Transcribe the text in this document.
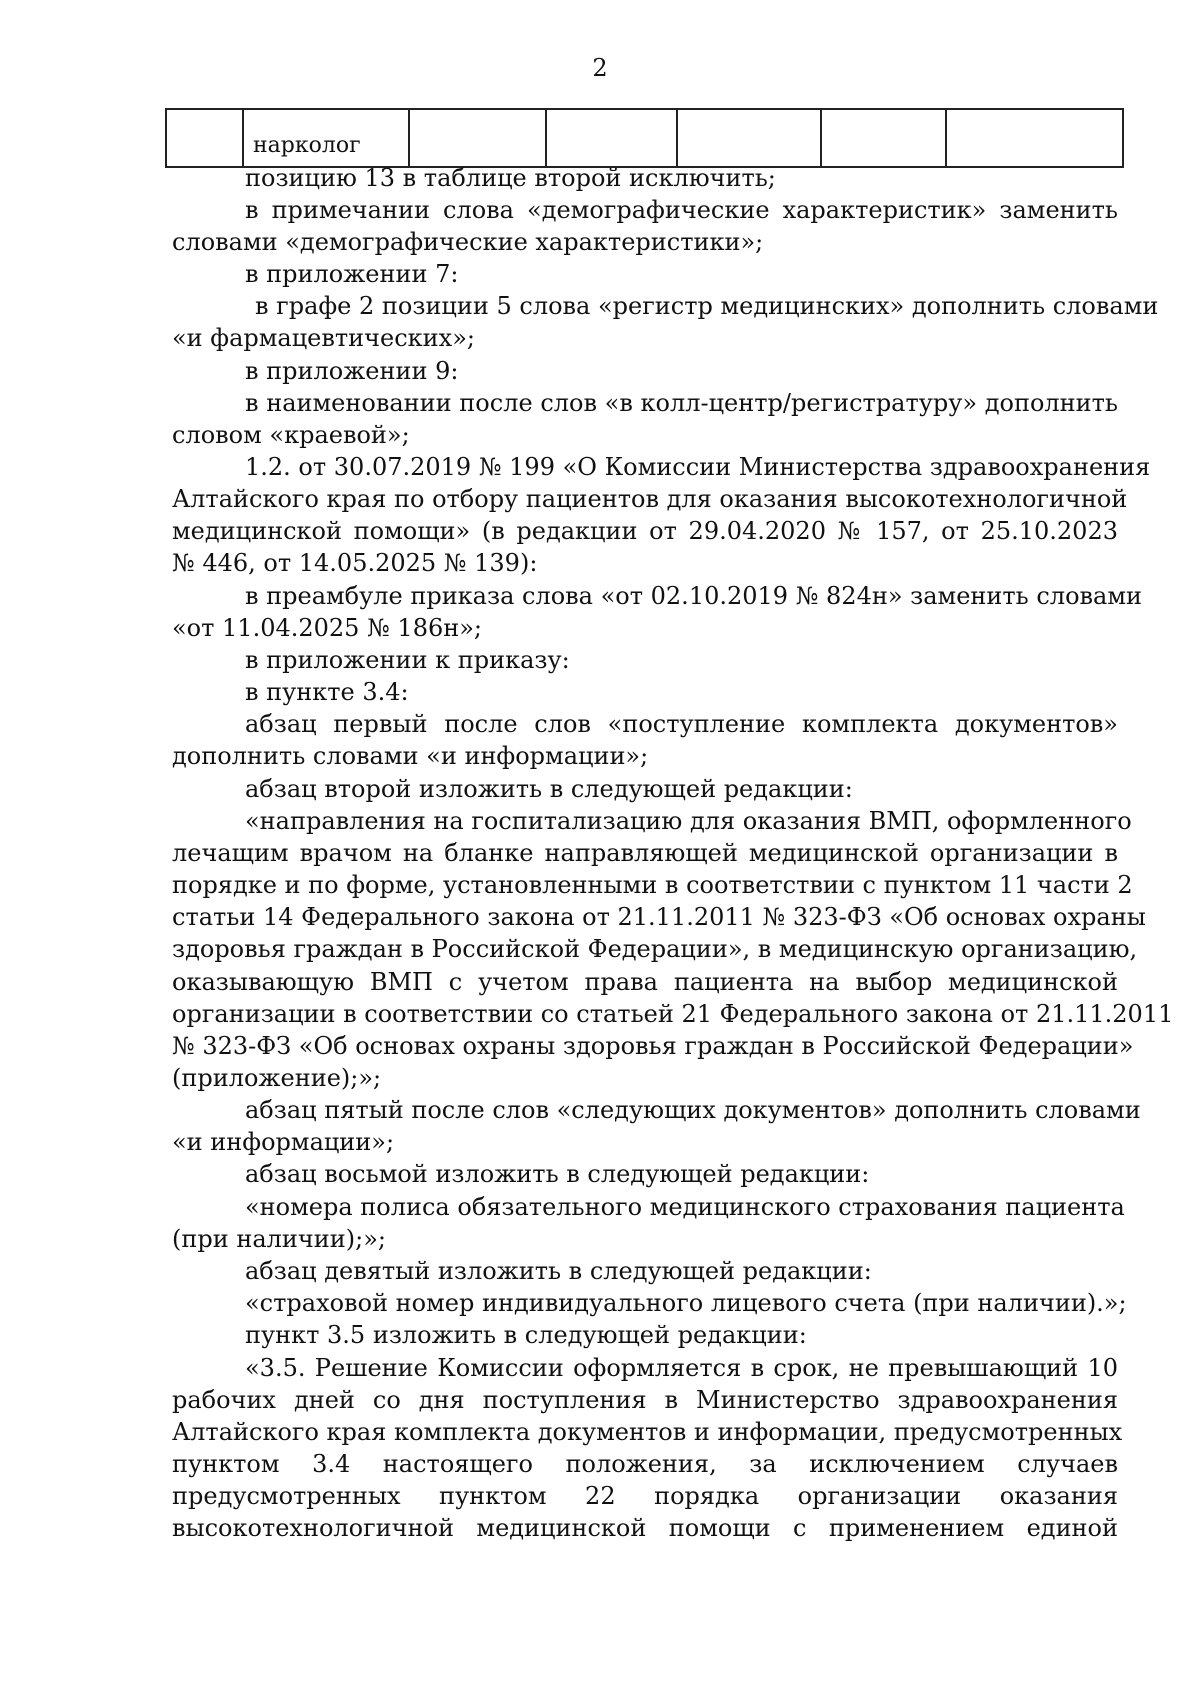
2
	нарколог					
позицию 13 в таблице второй исключить;
в примечании слова «демографические характеристик» заменить
словами «демографические характеристики»;
в приложении 7:
в графе 2 позиции 5 слова «регистр медицинских» дополнить словами
«и фармацевтических»;
в приложении 9:
в наименовании после слов «в колл-центр/регистратуру» дополнить
словом «краевой»;
1.2. от 30.07.2019 № 199 «О Комиссии Министерства здравоохранения
Алтайского края по отбору пациентов для оказания высокотехнологичной
медицинской помощи» (в редакции от 29.04.2020 № 157, от 25.10.2023
№ 446, от 14.05.2025 № 139):
в преамбуле приказа слова «от 02.10.2019 № 824н» заменить словами
«от 11.04.2025 № 186н»;
в приложении к приказу:
в пункте 3.4:
абзац первый после слов «поступление комплекта документов»
дополнить словами «и информации»;
абзац второй изложить в следующей редакции:
«направления на госпитализацию для оказания ВМП, оформленного
лечащим врачом на бланке направляющей медицинской организации в
порядке и по форме, установленными в соответствии с пунктом 11 части 2
статьи 14 Федерального закона от 21.11.2011 № 323-ФЗ «Об основах охраны
здоровья граждан в Российской Федерации», в медицинскую организацию,
оказывающую ВМП с учетом права пациента на выбор медицинской
организации в соответствии со статьей 21 Федерального закона от 21.11.2011
№ 323-ФЗ «Об основах охраны здоровья граждан в Российской Федерации»
(приложение);»;
абзац пятый после слов «следующих документов» дополнить словами
«и информации»;
абзац восьмой изложить в следующей редакции:
«номера полиса обязательного медицинского страхования пациента
(при наличии);»;
абзац девятый изложить в следующей редакции:
«страховой номер индивидуального лицевого счета (при наличии).»;
пункт 3.5 изложить в следующей редакции:
«3.5. Решение Комиссии оформляется в срок, не превышающий 10
рабочих дней со дня поступления в Министерство здравоохранения
Алтайского края комплекта документов и информации, предусмотренных
пунктом 3.4 настоящего положения, за исключением случаев
предусмотренных пунктом 22 порядка организации оказания
высокотехнологичной медицинской помощи с применением единой
